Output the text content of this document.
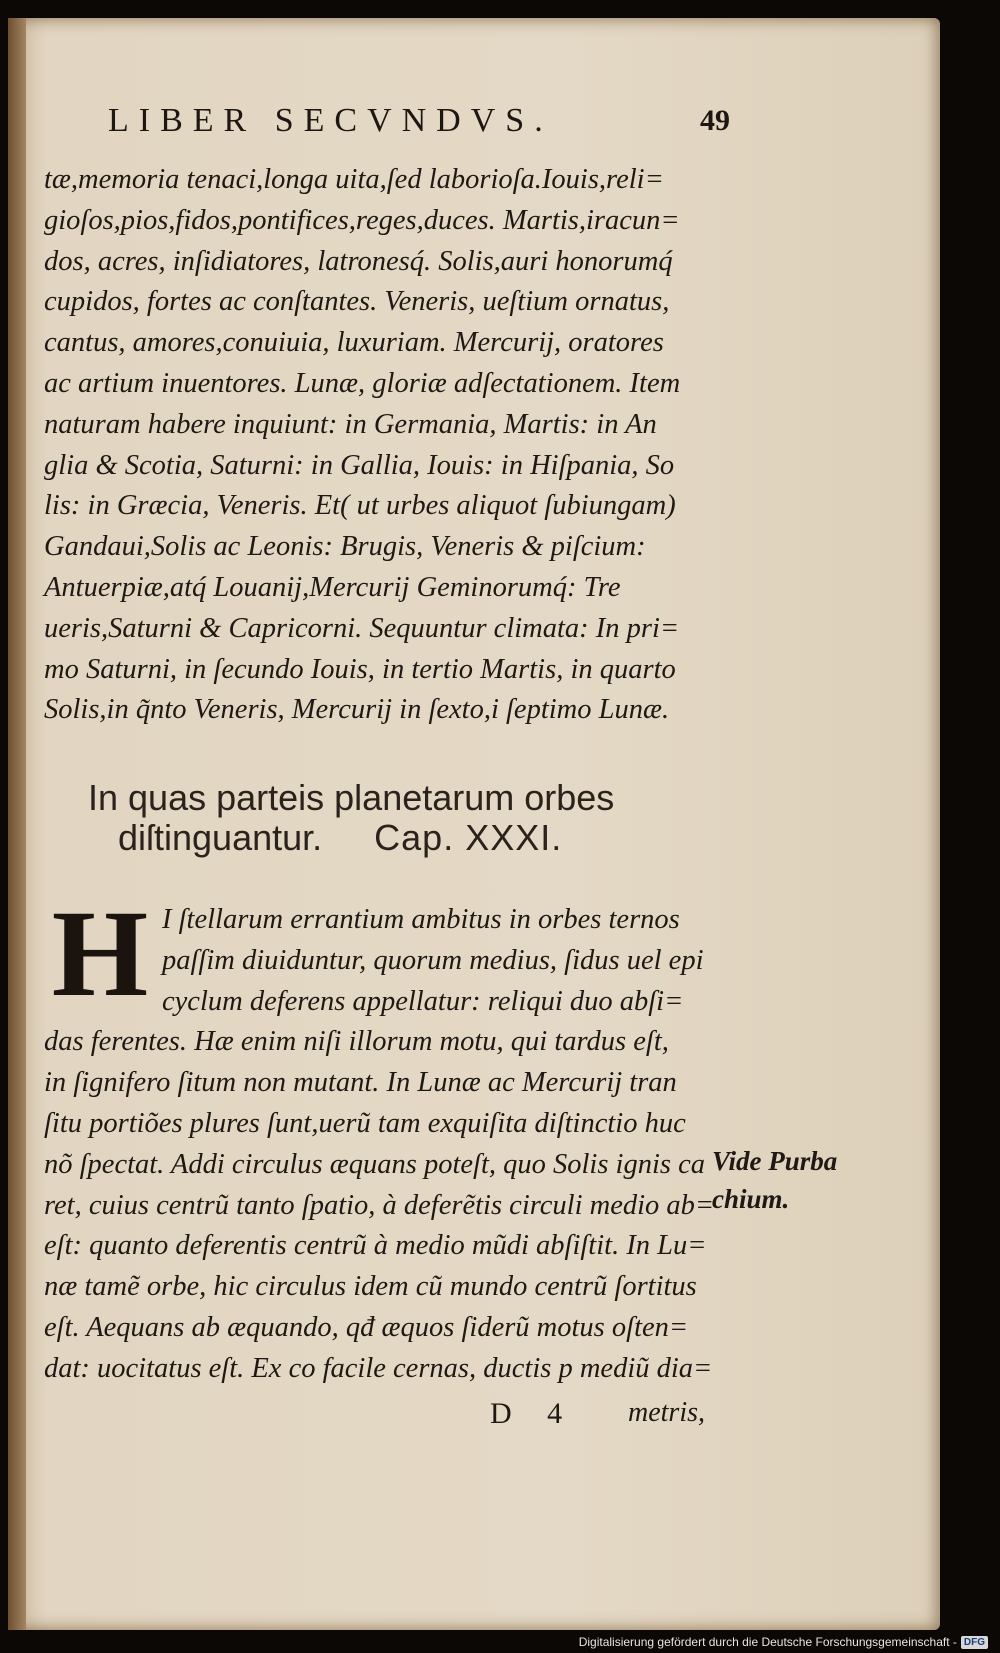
LIBER SECVNDVS.	49
tæ,memoria tenaci,longa uita,ſed laborioſa.Iouis,reli=
gioſos,pios,fidos,pontifices,reges,duces. Martis,iracun=
dos, acres, inſidiatores, latronesq́. Solis,auri honorumq́
cupidos, fortes ac conſtantes. Veneris, ueſtium ornatus,
cantus, amores,conuiuia, luxuriam. Mercurij, oratores
ac artium inuentores. Lunæ, gloriæ adſectationem. Item
naturam habere inquiunt: in Germania, Martis: in An
glia & Scotia, Saturni: in Gallia, Iouis: in Hiſpania, So
lis: in Græcia, Veneris. Et( ut urbes aliquot ſubiungam)
Gandaui,Solis ac Leonis: Brugis, Veneris & piſcium:
Antuerpiæ,atq́ Louanij,Mercurij Geminorumq́: Tre
ueris,Saturni & Capricorni. Sequuntur climata: In pri=
mo Saturni, in ſecundo Iouis, in tertio Martis, in quarto
Solis,in q̃nto Veneris, Mercurij in ſexto,i ſeptimo Lunæ.
In quas parteis planetarum orbes
diſtinguantur. Cap. XXXI.
H I ſtellarum errantium ambitus in orbes ternos
paſſim diuiduntur, quorum medius, ſidus uel epi
cyclum deferens appellatur: reliqui duo abſi=
das ferentes. Hæ enim niſi illorum motu, qui tardus eſt,
in ſignifero ſitum non mutant. In Lunæ ac Mercurij tran
ſitu portiões plures ſunt,uerũ tam exquiſita diſtinctio huc
nõ ſpectat. Addi circulus æquans poteſt, quo Solis ignis ca
ret, cuius centrũ tanto ſpatio, à deferẽtis circuli medio ab=
eſt: quanto deferentis centrũ à medio mũdi abſiſtit. In Lu=
næ tamẽ orbe, hic circulus idem cũ mundo centrũ ſortitus
eſt. Aequans ab æquando, qđ æquos ſiderũ motus oſten=
dat: uocitatus eſt. Ex co facile cernas, ductis p mediũ dia=
Vide Purba
chium.
D 4 metris,
Digitalisierung gefördert durch die Deutsche Forschungsgemeinschaft - DFG
